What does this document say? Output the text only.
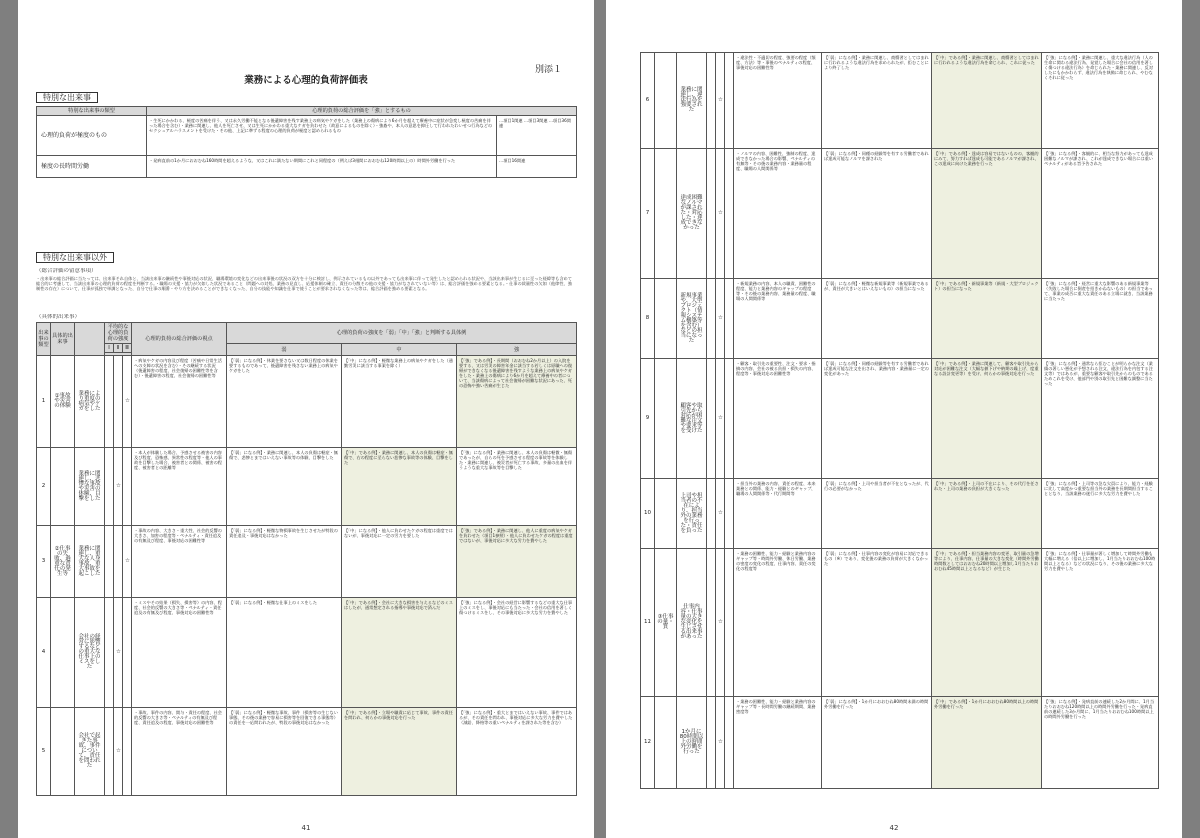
別添１
業務による心理的負荷評価表
特別な出来事
特別な出来事の類型	心理的負荷の総合評価を「強」とするもの	
心理的負荷が極度のもの	・生死にかかわる、極度の苦痛を伴う、又は永久労働不能となる後遺障害を残す業務上の病気やケガをした（業務上の傷病により6か月を超えて療養中に症状が急変し極度の苦痛を伴った場合を含む）・業務に関連し、他人を死亡させ、又は生死にかかわる重大なケガを負わせた（故意によるものを除く）・強姦や、本人の意思を抑圧して行われたわいせつ行為などのセクシュアルハラスメントを受けた・その他、上記に準ずる程度の心理的負荷が極度と認められるもの	…項目1関連 …項目3関連 …項目36関連
極度の長時間労働	・発病直前の1か月におおむね160時間を超えるような、又はこれに満たない期間にこれと同程度の（例えば3週間におおむね120時間以上の）時間外労働を行った	…項目16関連
特別な出来事以外
（総合評価の留意事項）
・出来事の総合評価に当たっては、出来事それ自体と、当該出来事の継続性や事後対応の状況、職場環境の変化などの出来事後の状況の双方を十分に検討し、例示されているもの以外であっても出来事に伴って発生したと認められる状況や、当該出来事が生じるに至った経緯等も含めて総合的に考慮して、当該出来事の心理的負荷の程度を判断する。・職場の支援・協力が欠如した状況であること（問題への対処、業務の見直し、応援体制の確立、責任の分散その他の支援・協力がなされていない等）は、総合評価を強める要素となる。・仕事の裁量性の欠如（他律性、強制性の存在）について、仕事が孤独で単調となった、自分で仕事の順番・やり方を決めることができなくなった、自分の技能や知識を仕事で使うことが要求されなくなった等は、総合評価を強める要素となる。
（具体的出来事）
出来事の類型	具体的出来事		平均的な心理的負荷の強度			心理的負荷の総合評価の視点	心理的負荷の強度を「弱」「中」「強」と判断する具体例		
			Ⅰ	Ⅱ	Ⅲ		弱	中	強

1	①事故や災害の体験	業務により重度の病気やケガをした			☆	・病気やケガの内容及び程度（苦痛や日常生活への支障の状況を含む）・その継続する状況（後遺障害の程度、社会復帰の困難性等を含む）・後遺障害の程度、社会復帰の困難性等	【「弱」になる例】・休業を要さない又は数日程度の休業を要するものであって、後遺障害を残さない業務上の病気やケガをした	【「中」になる例】・軽微な業務上の病気やケガをした（通勤労災に該当する事案を除く）	【「強」である例】・長期間（おおむね2か月以上）の入院を要する、又は労災の障害年金に該当する若しくは原職への復帰ができなくなる後遺障害を残すような業務上の病気やケガをした・業務上の傷病により6か月を超えて療養中の者について、当該傷病によって社会復帰が困難な状況にあった、死の恐怖や強い苦痛が生じた
2		業務に関連し、悲惨な事故や災害の体験、目撃をした		☆		・本人が体験した場合、予感させる被害の内容及び程度、恐怖感、異常性の程度等・他人の事故を目撃した場合、被害者との関係、被害の程度、被害者との距離等	【「弱」になる例】・業務に関連し、本人の負傷は軽症・無傷で、悲惨とまではいえない事故等の体験、目撃をした	【「中」である例】・業務に関連し、本人の負傷は軽症・無傷で、右の程度に至らない悲惨な事故等の体験、目撃をした	【「強」になる例】・業務に関連し、本人の負傷は軽微・無傷であったが、自らの死を予感させる程度の事故等を体験した・業務に関連し、被災者が死亡する事故、多量の出血を伴うような重大な事故等を目撃した
3	②仕事の失敗、過重な責任の発生等	業務に関連し、重大な人身事故、重大事故を起こした			☆	・事故の内容、大きさ・重大性、社会的反響の大きさ、加害の程度等・ペナルティ・責任追及の有無及び程度、事後対応の困難性等	【「弱」になる例】・軽微な物損事故を生じさせたが特段の責任追及・事後対応はなかった	【「中」になる例】・他人に負わせたケガの程度は重度ではないが、事後対応に一定の労力を要した	【「強」である例】・業務に関連し、他人に重度の病気やケガを負わせた（項目1参照）・他人に負わせたケガの程度は重度ではないが、事後対応に多大な労力を費やした
4		会社の経営に影響するなどの重大な仕事上のミスをした		☆		・ミスやその結果（損失、損害等）の内容、程度、社会的反響の大きさ等・ペナルティ・責任追及の有無及び程度、事後対応の困難性等	【「弱」になる例】・軽微な仕事上のミスをした	【「中」である例】・会社に大きな損害を与えるなどのミスはしたが、通常想定される指導や事後対応で済んだ	【「強」になる例】・会社の経営に影響するなどの重大な仕事上のミスをし、事後対応にも当たった・会社の信用を著しく傷つけるミスをし、その事後対応に多大な労力を費やした
5		会社で起きた事故、事件について、責任を問われた		☆		・事故、事件の内容、関与・責任の程度、社会的反響の大きさ等・ペナルティの有無及び程度、責任追及の程度、事後対応の困難性等	【「弱」になる例】・軽微な事故、事件（損害等の生じない事態、その後の業務で容易に損害等を回復できる事態等）の責任を一応問われたが、特段の事後対応はなかった	【「中」である例】・立場や職責に応じて事故、事件の責任を問われ、何らかの事後対応を行った	【「強」になる例】・重大とまではいえない事故、事件ではあるが、その責任を問われ、事後対応に多大な労力を費やした（減給、降格等の重いペナルティを課された等を含む）
41
6		業務に関連し、違法行為を強要された		☆		・違法性・不適切の程度、強要の程度（頻度、方法）等・事後のペナルティの程度、事後対応の困難性等	【「弱」になる例】・業務に関連し、商慣習としてはまれに行われるような違法行為を求められたが、拒むことにより終了した	【「中」である例】・業務に関連し、商慣習としてはまれに行われるような違法行為を命じられ、これに従った	【「強」になる例】・業務に関連し、重大な違法行為（人の生命に関わる違法行為、発覚した場合に会社の信用を著しく傷つける違法行為）を命じられた・業務に関連し、反対したにもかかわらず、違法行為を執拗に命じられ、やむなくそれに従った
7		達成困難なノルマが課された・対応した・達成できなかった		☆		・ノルマの内容、困難性、強制の程度、達成できなかった場合の影響、ペナルティの有無等・その後の業務内容・業務量の程度、職場の人間関係等	【「弱」になる例】・同種の経験等を有する労働者であれば達成可能なノルマを課された	【「中」である例】・達成は容易ではないものの、客観的にみて、努力すれば達成も可能であるノルマが課され、この達成に向けた業務を行った	【「強」になる例】・客観的に、相当な努力があっても達成困難なノルマが課され、これが達成できない場合には重いペナルティがある旨予告された
8		新規事業や、大型プロジェクト（情報システム構築等を含む）などの担当になった		☆		・新規業務の内容、本人の職責、困難性の程度、能力と業務内容のギャップの程度等・その後の業務内容、業務量の程度、職場の人間関係等	【「弱」になる例】・軽微な新規事業等（新規事業であるが、責任が大きいとはいえないもの）の担当になった	【「中」である例】・新規事業等（新規・大型プロジェクト）の担当になった	【「強」になる例】・経営に重大な影響のある新規事業等（失敗した場合に倒産を招きかねないもの）の担当であって、事業の成否に重大な責任のある立場に就き、当該業務に当たった
9		顧客や取引先から対応が困難な注文や要求等を受けた		☆		・顧客・取引先の重要性、注文・要求・指摘の内容、会社の被る負担・損失の内容、程度等・事後対応の困難性等	【「弱」になる例】・同種の経験等を有する労働者であれば達成可能な注文を出され、業務内容・業務量に一定の変化があった	【「中」である例】・業務に関連して、顧客や取引先から対応が困難な注文（大幅な値下げや納期の繰上げ、度重なる設計変更等）を受け、何らかの事後対応を行った	【「強」になる例】・通常なら拒むことが明らかな注文（業績の著しい悪化が予想される注文、違法行為を内包する注文等）ではあるが、重要な顧客や取引先からのものであるためこれを受け、他部門や別の取引先と困難な調整に当たった
10		上司や担当者の不在により、担当外の業務を行った・責任を負った		☆		・担当外の業務の内容、責任の程度、本来業務との関係、能力・経験とのギャップ、職場の人間関係等・代行期間等	【「弱」になる例】・上司や担当者が不在となったが、代行の必要がなかった	【「中」である例】・上司の不在により、その代行を任された・上司の業務の負担が大きくなった	【「強」になる例】・上司等の急な欠員により、能力・経験に比して高度かつ重要な担当外の業務を長期間担当することとなり、当該業務の遂行に多大な労力を費やした
11	③仕事の量・質	仕事内容・仕事量の大きな変化を生じさせる出来事があった		☆		・業務の困難性、能力・経験と業務内容のギャップ等・時間外労働、休日労働、業務の密度の変化の程度、仕事内容、責任の変化の程度等	【「弱」になる例】・仕事内容の変化が容易に対応できるもの（※）であり、変化後の業務の負荷が大きくなかった	【「中」である例】・担当業務内容の変更、取引量の急増等により、仕事内容、仕事量の大きな変化（時間外労働時間数としてはおおむね20時間以上増加し1月当たりおおむね45時間以上となるなど）が生じた	【「強」になる例】・仕事量が著しく増加して時間外労働も大幅に増える（倍以上に増加し、1月当たりおおむね100時間以上となる）などの状況になり、その後の業務に多大な労力を費やした
12		1か月に80時間以上の時間外労働を行った		☆		・業務の困難性、能力・経験と業務内容のギャップ等・長時間労働の継続期間、業務密度等	【「弱」になる例】・1か月におおむね80時間未満の時間外労働を行った	【「中」である例】・1か月におおむね80時間以上の時間外労働を行った	【「強」になる例】・発病直前の連続した2か月間に、1月当たりおおむね120時間以上の時間外労働を行った・発病直前の連続した3か月間に、1月当たりおおむね100時間以上の時間外労働を行った
42
